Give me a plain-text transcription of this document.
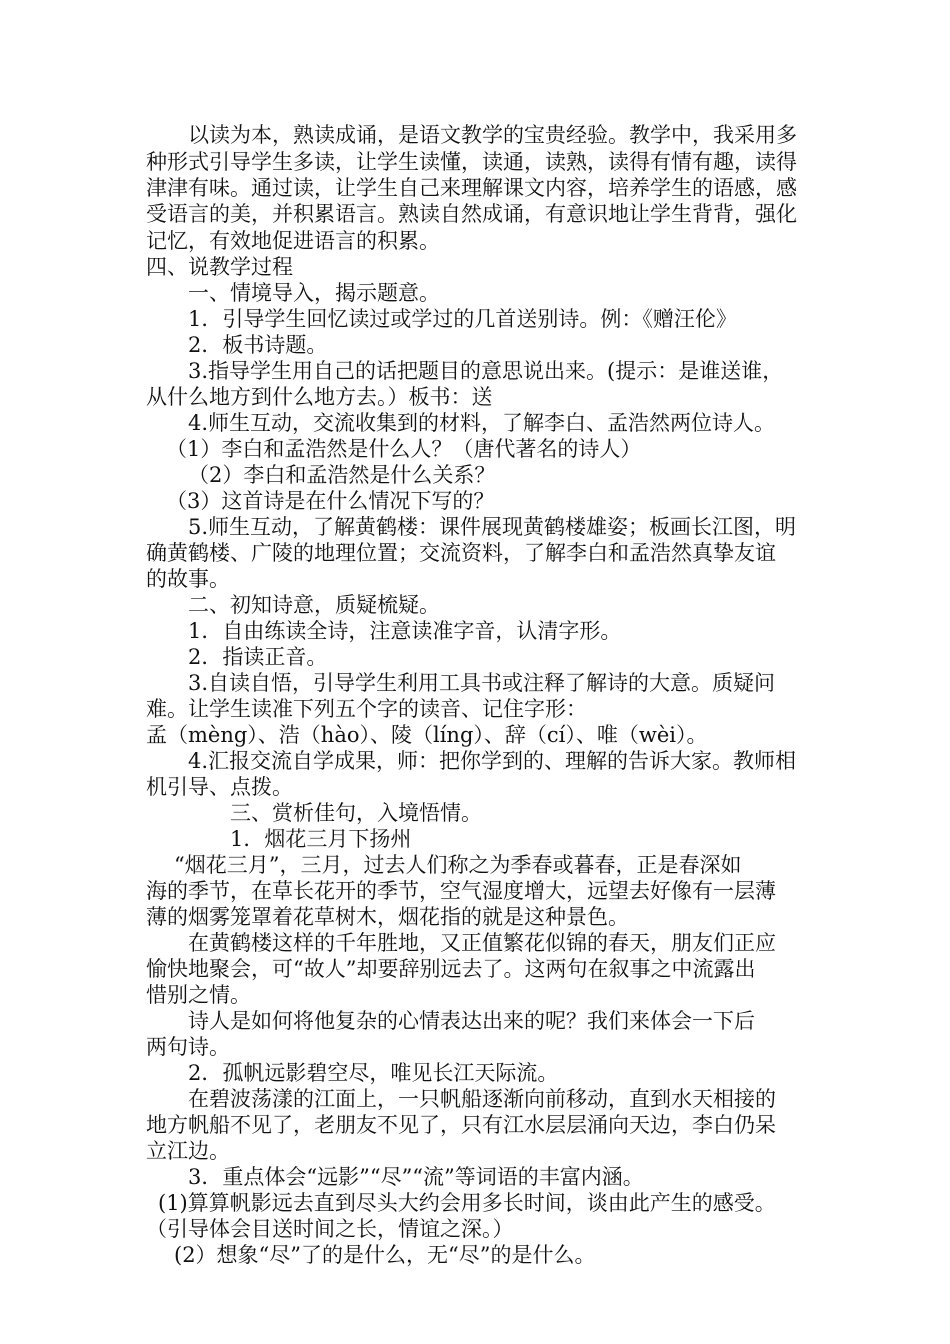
以读为本，熟读成诵，是语文教学的宝贵经验。教学中，我采用多
种形式引导学生多读，让学生读懂，读通，读熟，读得有情有趣，读得
津津有味。通过读，让学生自己来理解课文内容，培养学生的语感，感
受语言的美，并积累语言。熟读自然成诵，有意识地让学生背背，强化
记忆，有效地促进语言的积累。
四、说教学过程
一、情境导入，揭示题意。
1．引导学生回忆读过或学过的几首送别诗。例：《赠汪伦》
2．板书诗题。
3.指导学生用自己的话把题目的意思说出来。(提示：是谁送谁，
从什么地方到什么地方去。）板书：送
4.师生互动，交流收集到的材料，了解李白、孟浩然两位诗人。
（1）李白和孟浩然是什么人？（唐代著名的诗人）
（2）李白和孟浩然是什么关系？
（3）这首诗是在什么情况下写的？
5.师生互动，了解黄鹤楼：课件展现黄鹤楼雄姿；板画长江图，明
确黄鹤楼、广陵的地理位置；交流资料，了解李白和孟浩然真挚友谊
的故事。
二、初知诗意，质疑梳疑。
1．自由练读全诗，注意读准字音，认清字形。
2．指读正音。
3.自读自悟，引导学生利用工具书或注释了解诗的大意。质疑问
难。让学生读准下列五个字的读音、记住字形：
孟（mèng）、浩（hào）、陵（líng）、辞（cí）、唯（wèi）。
4.汇报交流自学成果，师：把你学到的、理解的告诉大家。教师相
机引导、点拨。
三、赏析佳句，入境悟情。
1．烟花三月下扬州
“烟花三月”，三月，过去人们称之为季春或暮春，正是春深如
海的季节，在草长花开的季节，空气湿度增大，远望去好像有一层薄
薄的烟雾笼罩着花草树木，烟花指的就是这种景色。
在黄鹤楼这样的千年胜地，又正值繁花似锦的春天，朋友们正应
愉快地聚会，可“故人”却要辞别远去了。这两句在叙事之中流露出
惜别之情。
诗人是如何将他复杂的心情表达出来的呢？我们来体会一下后
两句诗。
2．孤帆远影碧空尽，唯见长江天际流。
在碧波荡漾的江面上，一只帆船逐渐向前移动，直到水天相接的
地方帆船不见了，老朋友不见了，只有江水层层涌向天边，李白仍呆
立江边。
3．重点体会“远影”“尽”“流”等词语的丰富内涵。
(1)算算帆影远去直到尽头大约会用多长时间，谈由此产生的感受。
（引导体会目送时间之长，情谊之深。）
(2）想象“尽”了的是什么，无“尽”的是什么。
